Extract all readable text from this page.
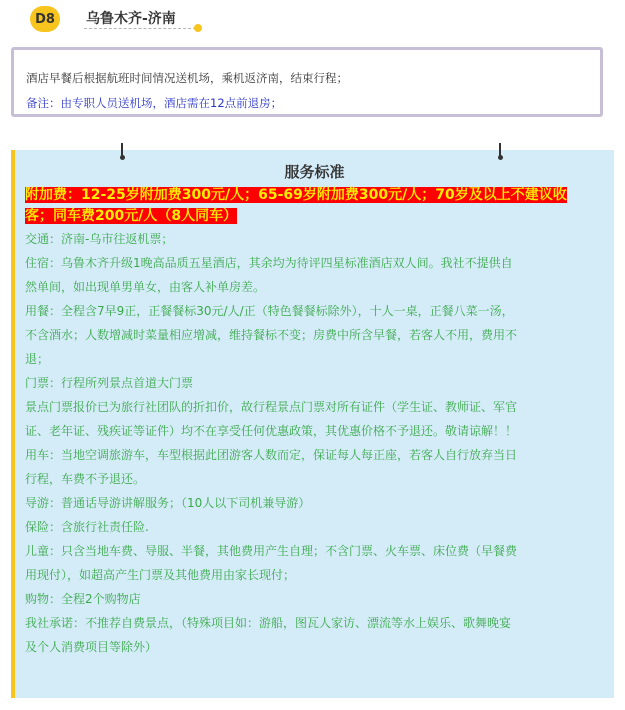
D8	乌鲁木齐-济南
酒店早餐后根据航班时间情况送机场，乘机返济南，结束行程；
备注：由专职人员送机场，酒店需在12点前退房；
服务标准
附加费：12-25岁附加费300元/人；65-69岁附加费300元/人；70岁及以上不建议收
客；同车费200元/人（8人同车）

交通：济南-乌市往返机票；

住宿：乌鲁木齐升级1晚高品质五星酒店，其余均为待评四星标准酒店双人间。我社不提供自

然单间，如出现单男单女，由客人补单房差。

用餐：全程含7早9正，正餐餐标30元/人/正（特色餐餐标除外），十人一桌，正餐八菜一汤，

不含酒水；人数增减时菜量相应增减，维持餐标不变；房费中所含早餐，若客人不用，费用不

退；

门票：行程所列景点首道大门票

景点门票报价已为旅行社团队的折扣价，故行程景点门票对所有证件（学生证、教师证、军官

证、老年证、残疾证等证件）均不在享受任何优惠政策，其优惠价格不予退还。敬请谅解！！

用车：当地空调旅游车，车型根据此团游客人数而定，保证每人每正座，若客人自行放弃当日

行程，车费不予退还。

导游：普通话导游讲解服务；（10人以下司机兼导游）

保险：含旅行社责任险.

儿童：只含当地车费、导服、半餐，其他费用产生自理；不含门票、火车票、床位费（早餐费

用现付），如超高产生门票及其他费用由家长现付；

购物：全程2个购物店

我社承诺：不推荐自费景点，（特殊项目如：游船，图瓦人家访、漂流等水上娱乐、歌舞晚宴

及个人消费项目等除外）
